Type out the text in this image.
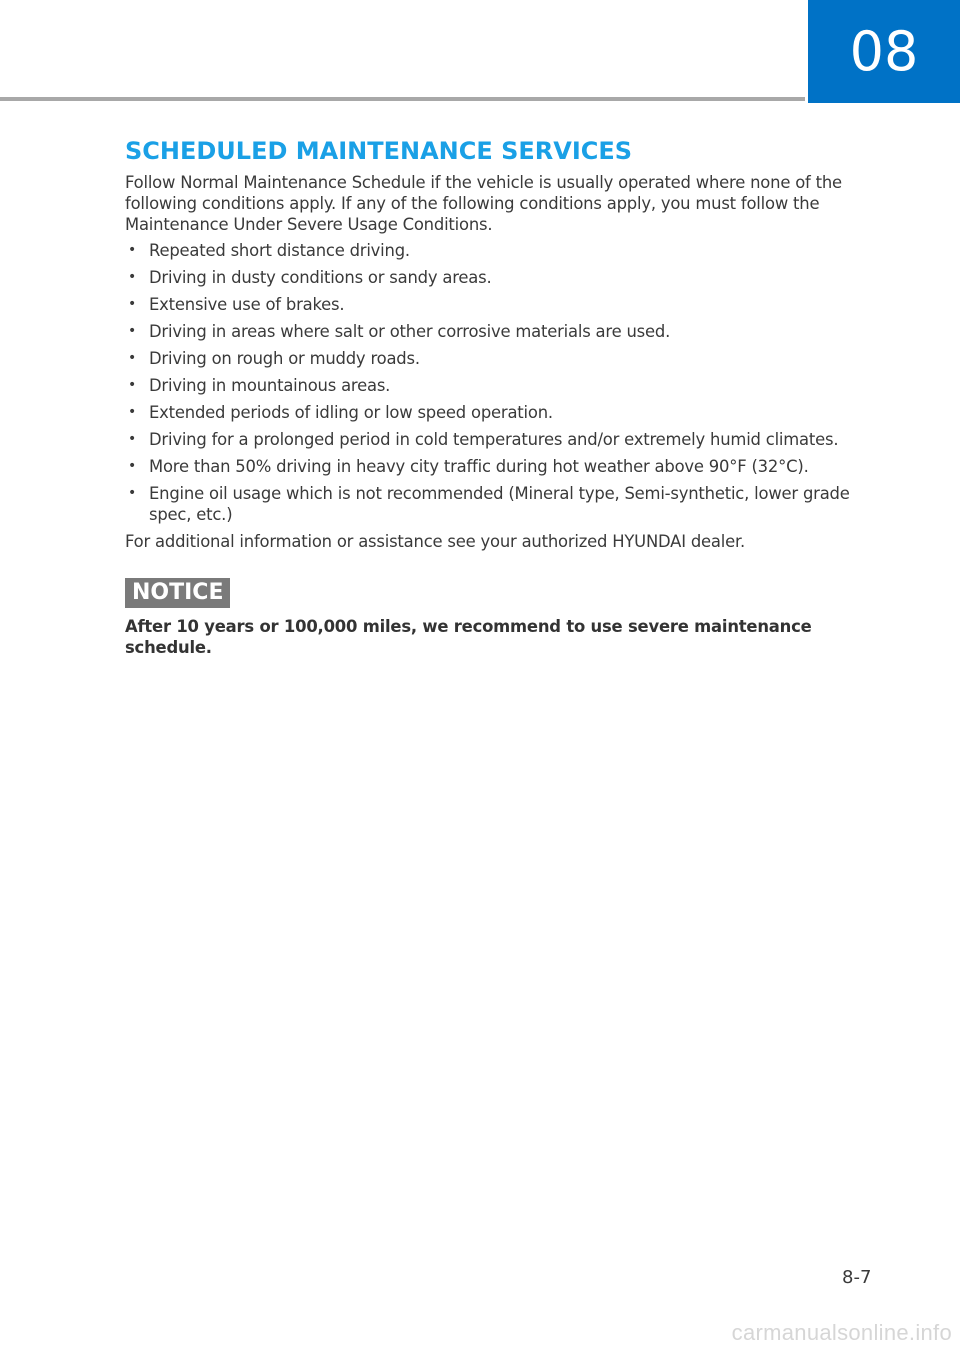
08
SCHEDULED MAINTENANCE SERVICES

Follow Normal Maintenance Schedule if the vehicle is usually operated where none of the following conditions apply. If any of the following conditions apply, you must follow the Maintenance Under Severe Usage Conditions.

• Repeated short distance driving.
• Driving in dusty conditions or sandy areas.
• Extensive use of brakes.
• Driving in areas where salt or other corrosive materials are used.
• Driving on rough or muddy roads.
• Driving in mountainous areas.
• Extended periods of idling or low speed operation.
• Driving for a prolonged period in cold temperatures and/or extremely humid climates.
• More than 50% driving in heavy city traffic during hot weather above 90°F (32°C).
• Engine oil usage which is not recommended (Mineral type, Semi-synthetic, lower grade spec, etc.)

For additional information or assistance see your authorized HYUNDAI dealer.

NOTICE

After 10 years or 100,000 miles, we recommend to use severe maintenance schedule.

8-7
carmanualsonline.info
